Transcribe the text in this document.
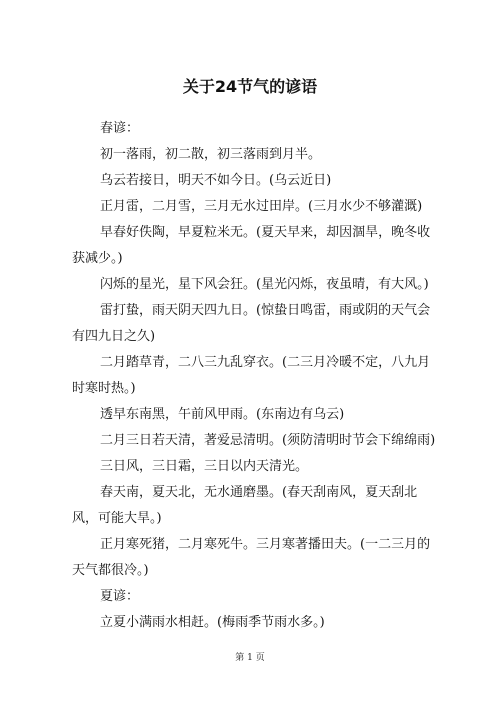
关于24节气的谚语

春谚：

初一落雨，初二散，初三落雨到月半。

乌云若接日，明天不如今日。(乌云近日)

正月雷，二月雪，三月无水过田岸。(三月水少不够灌溉)

早春好佚陶，早夏粒米无。(夏天早来，却因涸旱，晚冬收获减少。)

闪烁的星光，星下风会狂。(星光闪烁，夜虽晴，有大风。)

雷打蛰，雨天阴天四九日。(惊蛰日鸣雷，雨或阴的天气会有四九日之久)

二月踏草青，二八三九乱穿衣。(二三月冷暖不定，八九月时寒时热。)

透早东南黑，午前风甲雨。(东南边有乌云)

二月三日若天清，著爱忌清明。(须防清明时节会下绵绵雨)

三日风，三日霜，三日以内天清光。

春天南，夏天北，无水通磨墨。(春天刮南风，夏天刮北风，可能大旱。)

正月寒死猪，二月寒死牛。三月寒著播田夫。(一二三月的天气都很冷。)

夏谚：

立夏小满雨水相赶。(梅雨季节雨水多。)

第 1 页
